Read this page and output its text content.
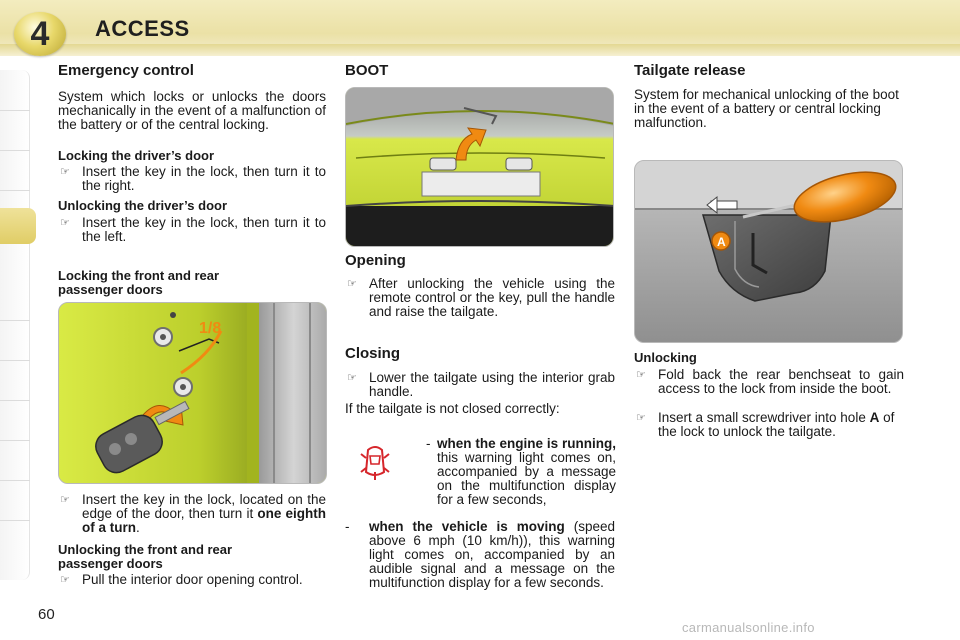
4 ACCESS
Emergency control
System which locks or unlocks the doors mechanically in the event of a malfunction of the battery or of the central locking.
Locking the driver’s door
☞ Insert the key in the lock, then turn it to the right.
Unlocking the driver’s door
☞ Insert the key in the lock, then turn it to the left.
Locking the front and rear passenger doors
1/8
☞ Insert the key in the lock, located on the edge of the door, then turn it one eighth of a turn.
Unlocking the front and rear passenger doors
☞ Pull the interior door opening control.
BOOT
Opening
☞ After unlocking the vehicle using the remote control or the key, pull the handle and raise the tailgate.
Closing
☞ Lower the tailgate using the interior grab handle.
If the tailgate is not closed correctly:
- when the engine is running, this warning light comes on, accompanied by a message on the multifunction display for a few seconds,
- when the vehicle is moving (speed above 6 mph (10 km/h)), this warning light comes on, accompanied by an audible signal and a message on the multifunction display for a few seconds.
Tailgate release
System for mechanical unlocking of the boot in the event of a battery or central locking malfunction.
A
Unlocking
☞ Fold back the rear benchseat to gain access to the lock from inside the boot.
☞ Insert a small screwdriver into hole A of the lock to unlock the tailgate.
60
carmanualsonline.info
